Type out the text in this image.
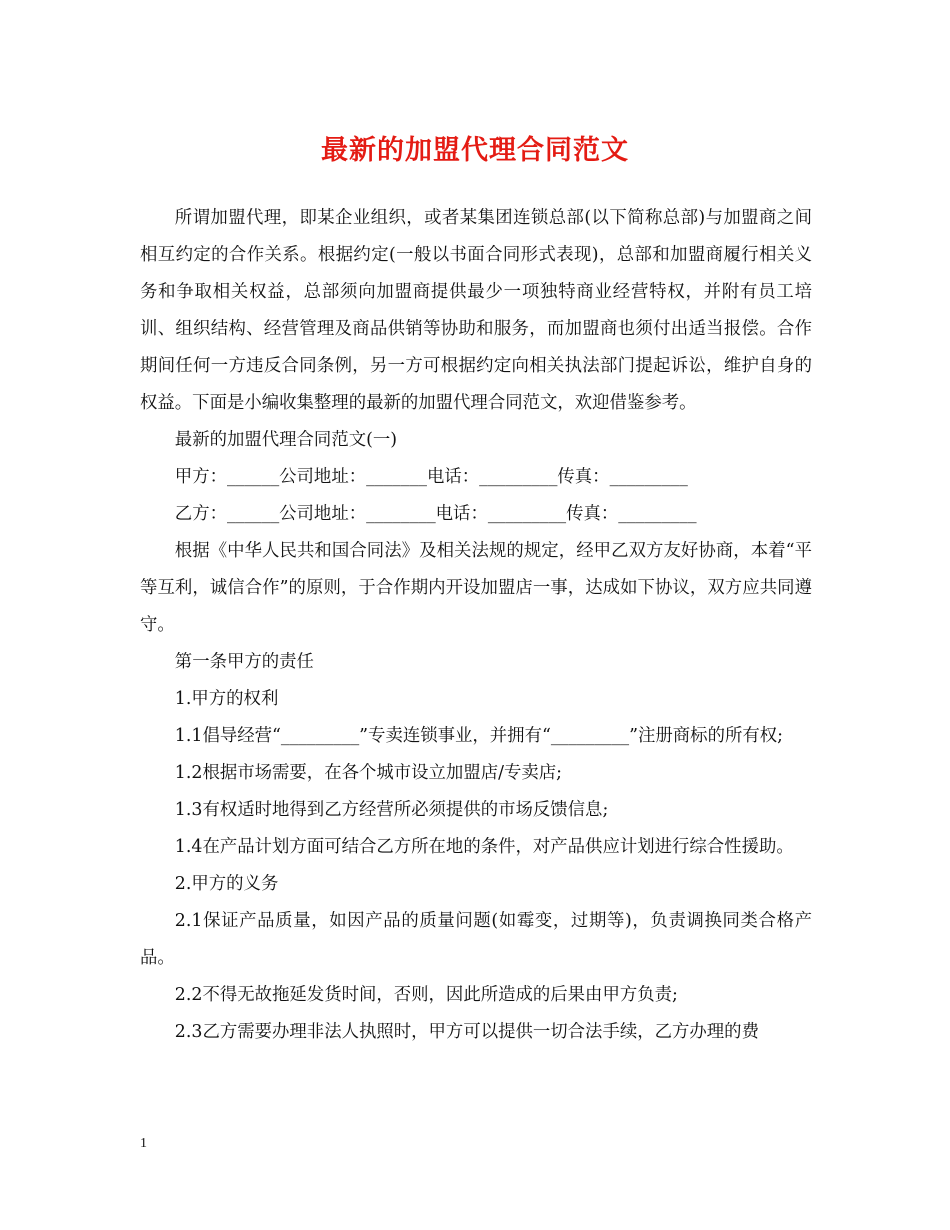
最新的加盟代理合同范文

所谓加盟代理，即某企业组织，或者某集团连锁总部(以下简称总部)与加盟商之间相互约定的合作关系。根据约定(一般以书面合同形式表现)，总部和加盟商履行相关义务和争取相关权益，总部须向加盟商提供最少一项独特商业经营特权，并附有员工培训、组织结构、经营管理及商品供销等协助和服务，而加盟商也须付出适当报偿。合作期间任何一方违反合同条例，另一方可根据约定向相关执法部门提起诉讼，维护自身的权益。下面是小编收集整理的最新的加盟代理合同范文，欢迎借鉴参考。

最新的加盟代理合同范文(一)

甲方：______公司地址：_______电话：_________传真：_________

乙方：______公司地址：________电话：_________传真：_________

根据《中华人民共和国合同法》及相关法规的规定，经甲乙双方友好协商，本着“平等互利，诚信合作”的原则，于合作期内开设加盟店一事，达成如下协议，双方应共同遵守。

第一条甲方的责任

1.甲方的权利

1.1倡导经营“_________”专卖连锁事业，并拥有“_________”注册商标的所有权;

1.2根据市场需要，在各个城市设立加盟店/专卖店;

1.3有权适时地得到乙方经营所必须提供的市场反馈信息;

1.4在产品计划方面可结合乙方所在地的条件，对产品供应计划进行综合性援助。

2.甲方的义务

2.1保证产品质量，如因产品的质量问题(如霉变，过期等)，负责调换同类合格产品。

2.2不得无故拖延发货时间，否则，因此所造成的后果由甲方负责;

2.3乙方需要办理非法人执照时，甲方可以提供一切合法手续，乙方办理的费

1
